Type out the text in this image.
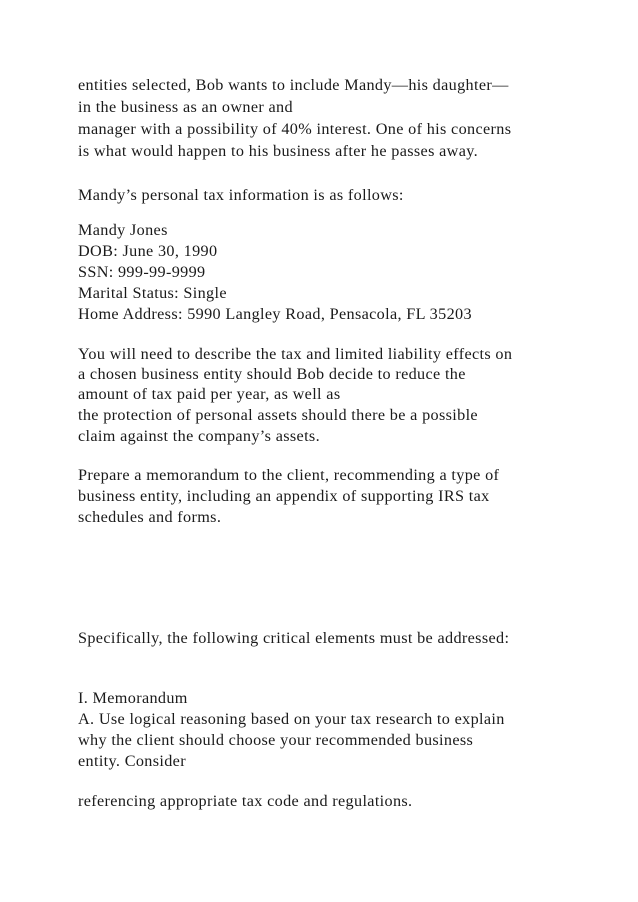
entities selected, Bob wants to include Mandy—his daughter—
in the business as an owner and
manager with a possibility of 40% interest. One of his concerns
is what would happen to his business after he passes away.
Mandy’s personal tax information is as follows:
Mandy Jones
DOB: June 30, 1990
SSN: 999-99-9999
Marital Status: Single
Home Address: 5990 Langley Road, Pensacola, FL 35203
You will need to describe the tax and limited liability effects on
a chosen business entity should Bob decide to reduce the
amount of tax paid per year, as well as
the protection of personal assets should there be a possible
claim against the company’s assets.
Prepare a memorandum to the client, recommending a type of
business entity, including an appendix of supporting IRS tax
schedules and forms.
Specifically, the following critical elements must be addressed:
I. Memorandum
A. Use logical reasoning based on your tax research to explain
why the client should choose your recommended business
entity. Consider
referencing appropriate tax code and regulations.
